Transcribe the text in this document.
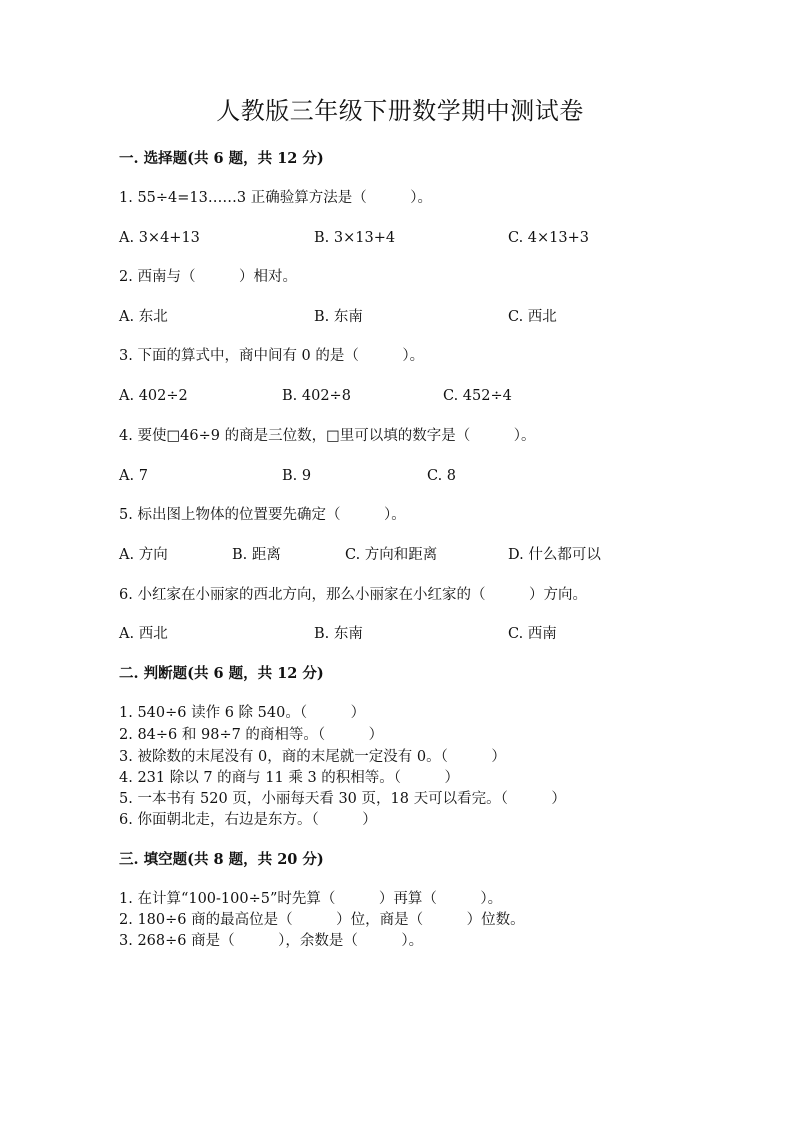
人教版三年级下册数学期中测试卷
一. 选择题(共 6 题，共 12 分)
1. 55÷4=13……3 正确验算方法是（　　　）。
A. 3×4+13	B. 3×13+4	C. 4×13+3
2. 西南与（　　　）相对。
A. 东北	B. 东南	C. 西北
3. 下面的算式中，商中间有 0 的是（　　　）。
A. 402÷2	B. 402÷8	C. 452÷4
4. 要使□46÷9 的商是三位数，□里可以填的数字是（　　　）。
A. 7	B. 9	C. 8
5. 标出图上物体的位置要先确定（　　　）。
A. 方向	B. 距离	C. 方向和距离	D. 什么都可以
6. 小红家在小丽家的西北方向，那么小丽家在小红家的（　　　）方向。
A. 西北	B. 东南	C. 西南
二. 判断题(共 6 题，共 12 分)
1. 540÷6 读作 6 除 540。（　　　）
2. 84÷6 和 98÷7 的商相等。（　　　）
3. 被除数的末尾没有 0，商的末尾就一定没有 0。（　　　）
4. 231 除以 7 的商与 11 乘 3 的积相等。（　　　）
5. 一本书有 520 页，小丽每天看 30 页，18 天可以看完。（　　　）
6. 你面朝北走，右边是东方。（　　　）
三. 填空题(共 8 题，共 20 分)
1. 在计算“100-100÷5”时先算（　　　）再算（　　　）。
2. 180÷6 商的最高位是（　　　）位，商是（　　　）位数。
3. 268÷6 商是（　　　），余数是（　　　）。
